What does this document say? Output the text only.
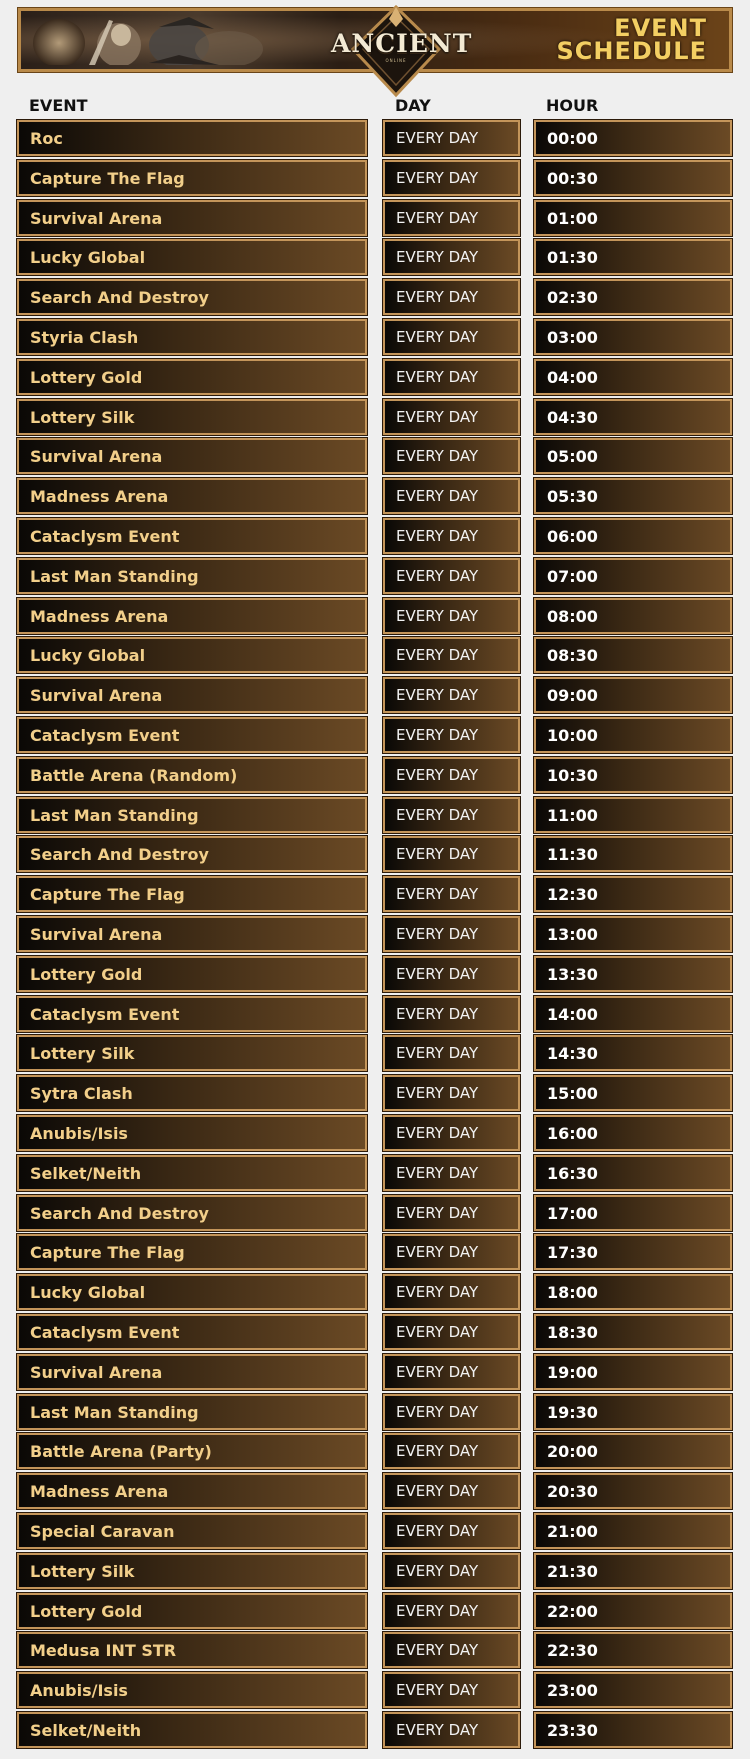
EVENT
SCHEDULE
ANCIENT
ONLINE
EVENT	DAY	HOUR
Roc	EVERY DAY	00:00
Capture The Flag	EVERY DAY	00:30
Survival Arena	EVERY DAY	01:00
Lucky Global	EVERY DAY	01:30
Search And Destroy	EVERY DAY	02:30
Styria Clash	EVERY DAY	03:00
Lottery Gold	EVERY DAY	04:00
Lottery Silk	EVERY DAY	04:30
Survival Arena	EVERY DAY	05:00
Madness Arena	EVERY DAY	05:30
Cataclysm Event	EVERY DAY	06:00
Last Man Standing	EVERY DAY	07:00
Madness Arena	EVERY DAY	08:00
Lucky Global	EVERY DAY	08:30
Survival Arena	EVERY DAY	09:00
Cataclysm Event	EVERY DAY	10:00
Battle Arena (Random)	EVERY DAY	10:30
Last Man Standing	EVERY DAY	11:00
Search And Destroy	EVERY DAY	11:30
Capture The Flag	EVERY DAY	12:30
Survival Arena	EVERY DAY	13:00
Lottery Gold	EVERY DAY	13:30
Cataclysm Event	EVERY DAY	14:00
Lottery Silk	EVERY DAY	14:30
Sytra Clash	EVERY DAY	15:00
Anubis/Isis	EVERY DAY	16:00
Selket/Neith	EVERY DAY	16:30
Search And Destroy	EVERY DAY	17:00
Capture The Flag	EVERY DAY	17:30
Lucky Global	EVERY DAY	18:00
Cataclysm Event	EVERY DAY	18:30
Survival Arena	EVERY DAY	19:00
Last Man Standing	EVERY DAY	19:30
Battle Arena (Party)	EVERY DAY	20:00
Madness Arena	EVERY DAY	20:30
Special Caravan	EVERY DAY	21:00
Lottery Silk	EVERY DAY	21:30
Lottery Gold	EVERY DAY	22:00
Medusa INT STR	EVERY DAY	22:30
Anubis/Isis	EVERY DAY	23:00
Selket/Neith	EVERY DAY	23:30
